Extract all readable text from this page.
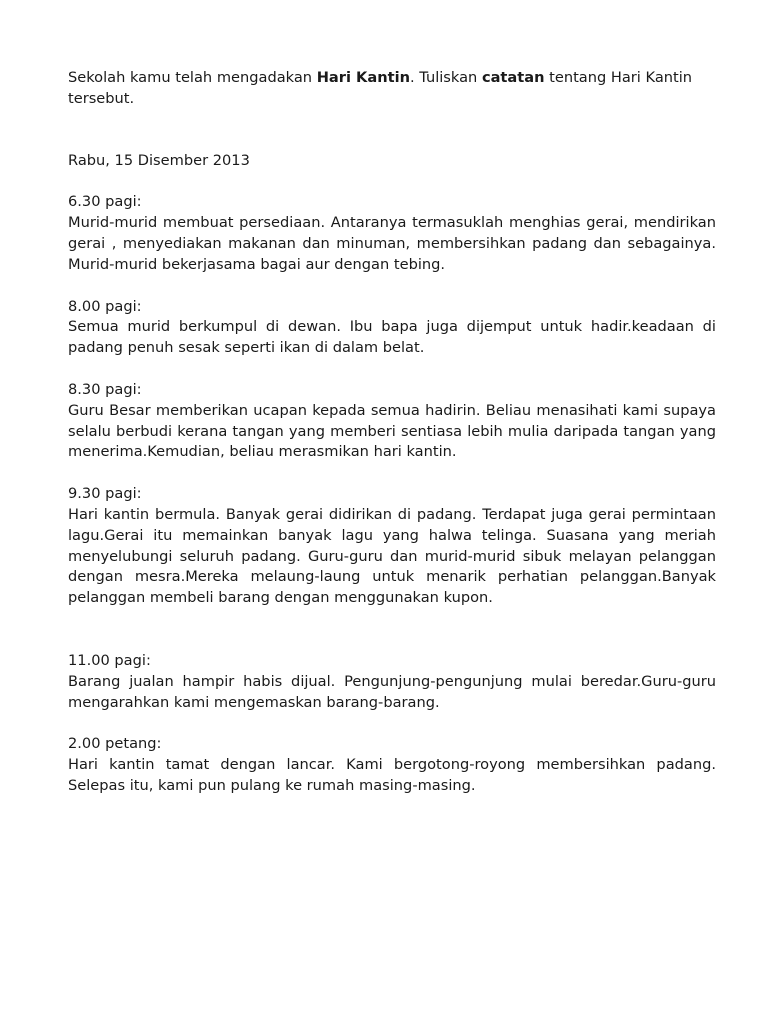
Sekolah kamu telah mengadakan Hari Kantin. Tuliskan catatan tentang Hari Kantin tersebut.

Rabu, 15 Disember 2013

6.30 pagi:

Murid-murid membuat persediaan. Antaranya termasuklah menghias gerai, mendirikan gerai , menyediakan makanan dan minuman, membersihkan padang dan sebagainya. Murid-murid bekerjasama bagai aur dengan tebing.

8.00 pagi:

Semua murid berkumpul di dewan. Ibu bapa juga dijemput untuk hadir.keadaan di padang penuh sesak seperti ikan di dalam belat.

8.30 pagi:

Guru Besar memberikan ucapan kepada semua hadirin. Beliau menasihati kami supaya selalu berbudi kerana tangan yang memberi sentiasa lebih mulia daripada tangan yang menerima.Kemudian, beliau merasmikan hari kantin.

9.30 pagi:

Hari kantin bermula. Banyak gerai didirikan di padang. Terdapat juga gerai permintaan lagu.Gerai itu memainkan banyak lagu yang halwa telinga. Suasana yang meriah menyelubungi seluruh padang. Guru-guru dan murid-murid sibuk melayan pelanggan dengan mesra.Mereka melaung-laung untuk menarik perhatian pelanggan.Banyak pelanggan membeli barang dengan menggunakan kupon.

11.00 pagi:

Barang jualan hampir habis dijual. Pengunjung-pengunjung mulai beredar.Guru-guru mengarahkan kami mengemaskan barang-barang.

2.00 petang:

Hari kantin tamat dengan lancar. Kami bergotong-royong membersihkan padang. Selepas itu, kami pun pulang ke rumah masing-masing.
